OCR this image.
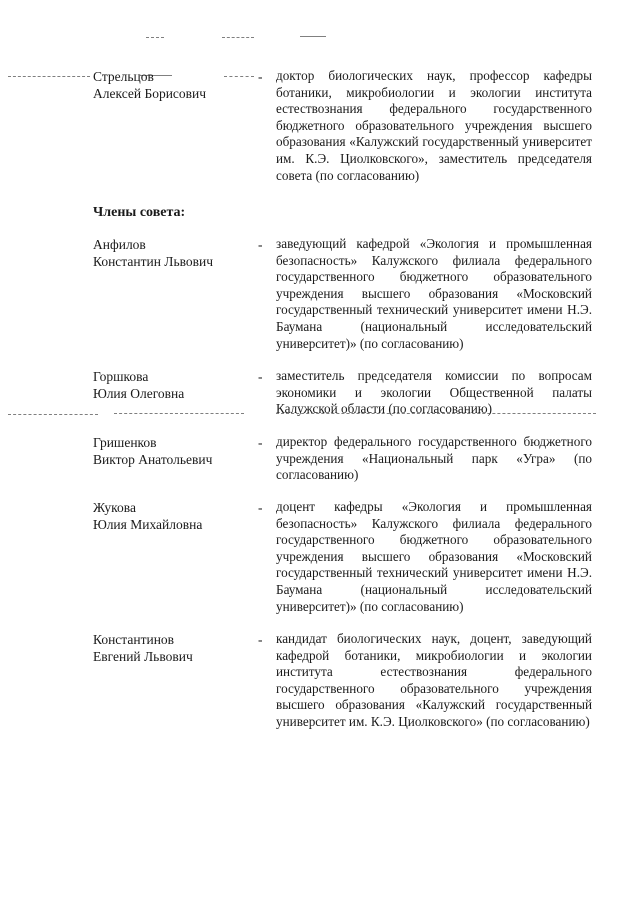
Стрельцов
Алексей Борисович
- доктор биологических наук, профессор кафедры ботаники, микробиологии и экологии института естествознания федерального государственного бюджетного образовательного учреждения высшего образования «Калужский государственный университет им. К.Э. Циолковского», заместитель председателя совета (по согласованию)
Члены совета:
Анфилов
Константин Львович
- заведующий кафедрой «Экология и промышленная безопасность» Калужского филиала федерального государственного бюджетного образовательного учреждения высшего образования «Московский государственный технический университет имени Н.Э. Баумана (национальный исследовательский университет)» (по согласованию)
Горшкова
Юлия Олеговна
- заместитель председателя комиссии по вопросам экономики и экологии Общественной палаты Калужской области (по согласованию)
Гришенков
Виктор Анатольевич
- директор федерального государственного бюджетного учреждения «Национальный парк «Угра» (по согласованию)
Жукова
Юлия Михайловна
- доцент кафедры «Экология и промышленная безопасность» Калужского филиала федерального государственного бюджетного образовательного учреждения высшего образования «Московский государственный технический университет имени Н.Э. Баумана (национальный исследовательский университет)» (по согласованию)
Константинов
Евгений Львович
- кандидат биологических наук, доцент, заведующий кафедрой ботаники, микробиологии и экологии института естествознания федерального государственного образовательного учреждения высшего образования «Калужский государственный университет им. К.Э. Циолковского» (по согласованию)
